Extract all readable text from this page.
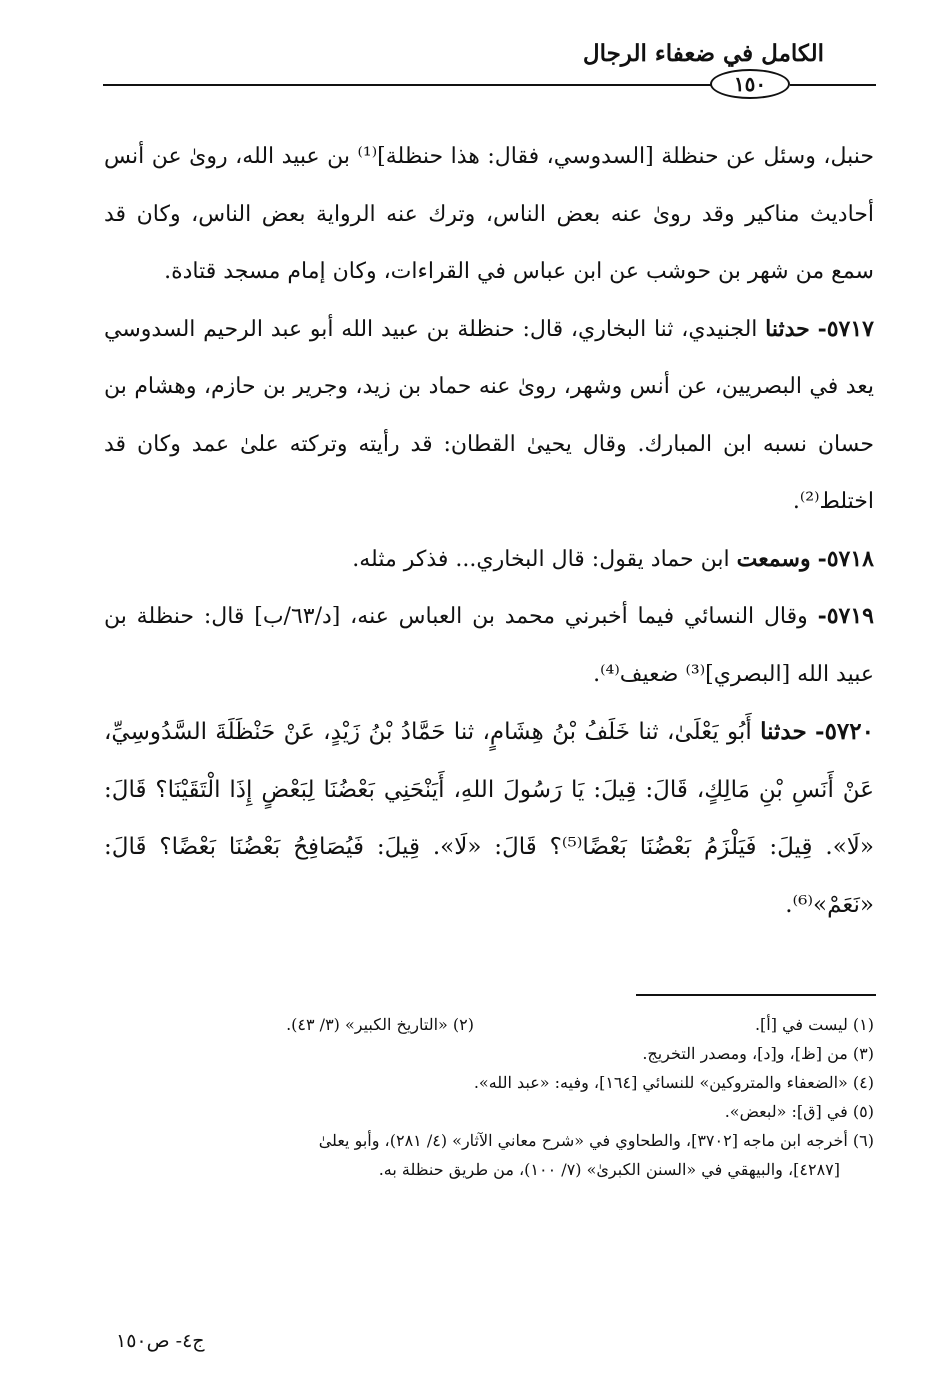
الكامل في ضعفاء الرجال
١٥٠

حنبل، وسئل عن حنظلة [السدوسي، فقال: هذا حنظلة]⁽¹⁾ بن عبيد الله، روىٰ عن أنس أحاديث مناكير وقد روىٰ عنه بعض الناس، وترك عنه الرواية بعض الناس، وكان قد سمع من شهر بن حوشب عن ابن عباس في القراءات، وكان إمام مسجد قتادة.

٥٧١٧- حدثنا الجنيدي، ثنا البخاري، قال: حنظلة بن عبيد الله أبو عبد الرحيم السدوسي يعد في البصريين، عن أنس وشهر، روىٰ عنه حماد بن زيد، وجرير بن حازم، وهشام بن حسان نسبه ابن المبارك. وقال يحيىٰ القطان: قد رأيته وتركته علىٰ عمد وكان قد اختلط⁽²⁾.

٥٧١٨- وسمعت ابن حماد يقول: قال البخاري... فذكر مثله.

٥٧١٩- وقال النسائي فيما أخبرني محمد بن العباس عنه، [د/٦٣/ب] قال: حنظلة بن عبيد الله [البصري]⁽³⁾ ضعيف⁽⁴⁾.

٥٧٢٠- حدثنا أَبُو يَعْلَىٰ، ثنا خَلَفُ بْنُ هِشَامٍ، ثنا حَمَّادُ بْنُ زَيْدٍ، عَنْ حَنْظَلَةَ السَّدُوسِيِّ، عَنْ أَنَسِ بْنِ مَالِكٍ، قَالَ: قِيلَ: يَا رَسُولَ اللهِ، أَيَنْحَنِي بَعْضُنَا لِبَعْضٍ إِذَا الْتَقَيْنَا؟ قَالَ: «لَا». قِيلَ: فَيَلْزَمُ بَعْضُنَا بَعْضًا⁽⁵⁾؟ قَالَ: «لَا». قِيلَ: فَيُصَافِحُ بَعْضُنَا بَعْضًا؟ قَالَ: «نَعَمْ»⁽⁶⁾.

(١) ليست في [أ].
(٢) «التاريخ الكبير» (٣/ ٤٣).

(٣) من [ظ]، و[د]، ومصدر التخريج.

(٤) «الضعفاء والمتروكين» للنسائي [١٦٤]، وفيه: «عبد الله».

(٥) في [ق]: «لبعض».

(٦) أخرجه ابن ماجه [٣٧٠٢]، والطحاوي في «شرح معاني الآثار» (٤/ ٢٨١)، وأبو يعلىٰ

[٤٢٨٧]، والبيهقي في «السنن الكبرىٰ» (٧/ ١٠٠)، من طريق حنظلة به.

ج٤- ص١٥٠
